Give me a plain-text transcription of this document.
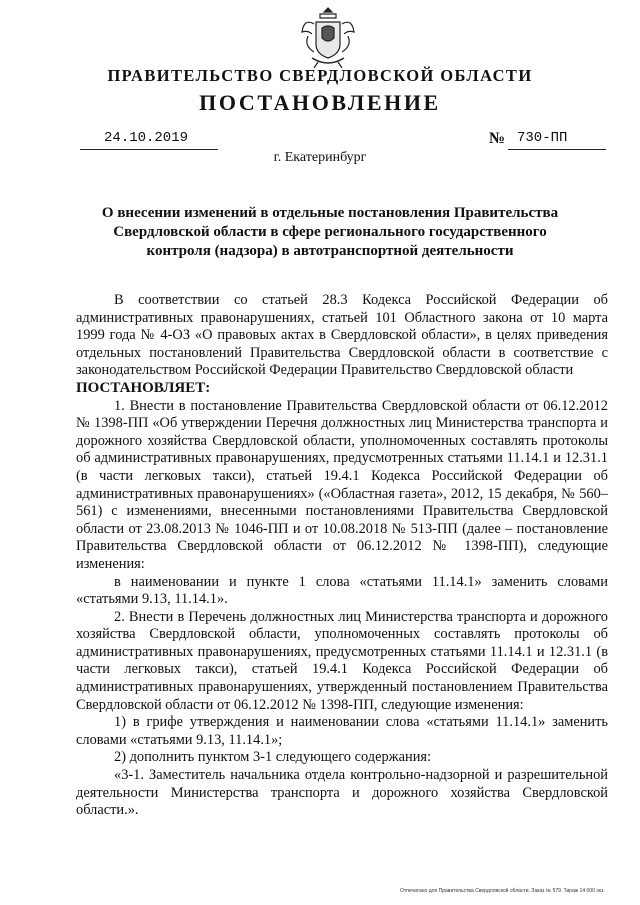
ПРАВИТЕЛЬСТВО СВЕРДЛОВСКОЙ ОБЛАСТИ
ПОСТАНОВЛЕНИЕ
24.10.2019	№ 730-ПП
г. Екатеринбург
О внесении изменений в отдельные постановления Правительства Свердловской области в сфере регионального государственного контроля (надзора) в автотранспортной деятельности

В соответствии со статьей 28.3 Кодекса Российской Федерации об административных правонарушениях, статьей 101 Областного закона от 10 марта 1999 года № 4-ОЗ «О правовых актах в Свердловской области», в целях приведения отдельных постановлений Правительства Свердловской области в соответствие с законодательством Российской Федерации Правительство Свердловской области

ПОСТАНОВЛЯЕТ:

1. Внести в постановление Правительства Свердловской области от 06.12.2012 № 1398-ПП «Об утверждении Перечня должностных лиц Министерства транспорта и дорожного хозяйства Свердловской области, уполномоченных составлять протоколы об административных правонарушениях, предусмотренных статьями 11.14.1 и 12.31.1 (в части легковых такси), статьей 19.4.1 Кодекса Российской Федерации об административных правонарушениях» («Областная газета», 2012, 15 декабря, № 560–561) с изменениями, внесенными постановлениями Правительства Свердловской области от 23.08.2013 № 1046-ПП и от 10.08.2018 № 513-ПП (далее – постановление Правительства Свердловской области от 06.12.2012 № 1398-ПП), следующие изменения:

в наименовании и пункте 1 слова «статьями 11.14.1» заменить словами «статьями 9.13, 11.14.1».

2. Внести в Перечень должностных лиц Министерства транспорта и дорожного хозяйства Свердловской области, уполномоченных составлять протоколы об административных правонарушениях, предусмотренных статьями 11.14.1 и 12.31.1 (в части легковых такси), статьей 19.4.1 Кодекса Российской Федерации об административных правонарушениях, утвержденный постановлением Правительства Свердловской области от 06.12.2012 № 1398-ПП, следующие изменения:

1) в грифе утверждения и наименовании слова «статьями 11.14.1» заменить словами «статьями 9.13, 11.14.1»;

2) дополнить пунктом 3-1 следующего содержания:

«3-1. Заместитель начальника отдела контрольно-надзорной и разрешительной деятельности Министерства транспорта и дорожного хозяйства Свердловской области.».

Отпечатано для Правительства Свердловской области. Заказ № 579. Тираж 14 000 экз.
